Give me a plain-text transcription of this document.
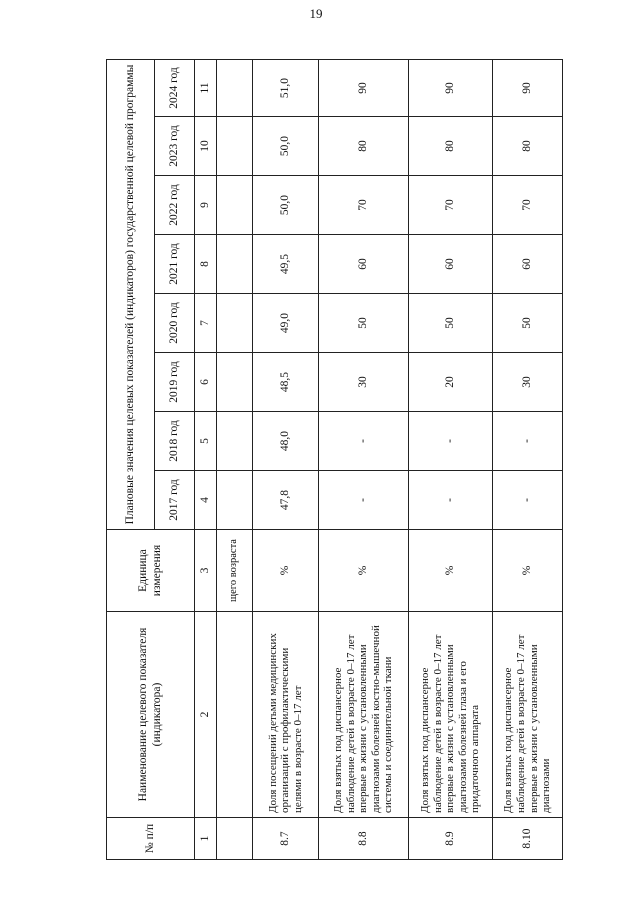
19
№ п/п	Наименование целевого показателя (индикатора)	Единица измерения	Плановые значения целевых показателей (индикаторов) государственной целевой программы							
			2017 год	2018 год	2019 год	2020 год	2021 год	2022 год	2023 год	2024 год
1	2	3	4	5	6	7	8	9	10	11
		щего возраста								
8.7	Доля посещений детьми медицинских организаций с профилактическими целями в возрасте 0–17 лет	%	47,8	48,0	48,5	49,0	49,5	50,0	50,0	51,0
8.8	Доля взятых под диспансерное наблюдение детей в возрасте 0–17 лет впервые в жизни с установленными диагнозами болезней костно-мышечной системы и соединительной ткани	%	-	-	30	50	60	70	80	90
8.9	Доля взятых под диспансерное наблюдение детей в возрасте 0–17 лет впервые в жизни с установленными диагнозами болезней глаза и его придаточного аппарата	%	-	-	20	50	60	70	80	90
8.10	Доля взятых под диспансерное наблюдение детей в возрасте 0–17 лет впервые в жизни с установленными диагнозами	%	-	-	30	50	60	70	80	90
